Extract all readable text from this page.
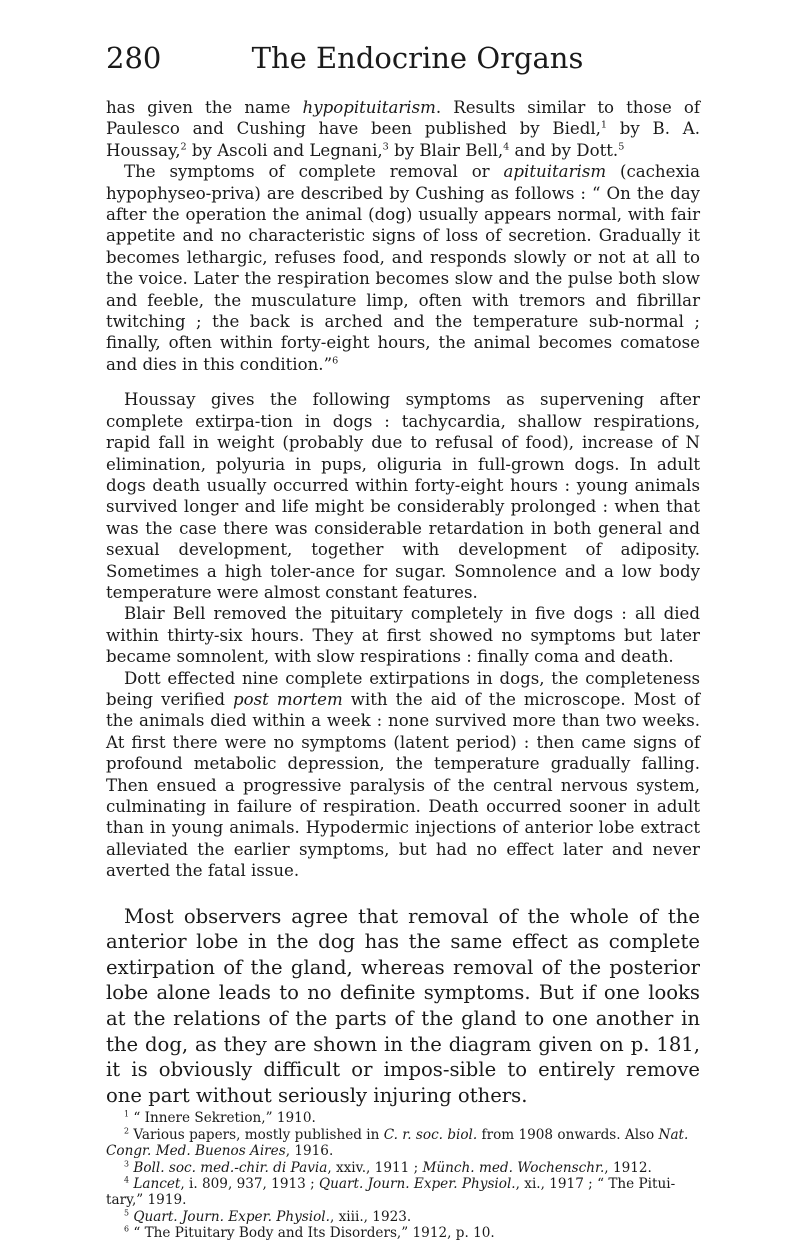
280	The Endocrine Organs

has given the name hypopituitarism. Results similar to those of Paulesco and Cushing have been published by Biedl,$^1$ by B. A. Houssay,$^2$ by Ascoli and Legnani,$^3$ by Blair Bell,$^4$ and by Dott.$^5$

The symptoms of complete removal or apituitarism (cachexia hypophyseo-priva) are described by Cushing as follows : “ On the day after the operation the animal (dog) usually appears normal, with fair appetite and no characteristic signs of loss of secretion. Gradually it becomes lethargic, refuses food, and responds slowly or not at all to the voice. Later the respiration becomes slow and the pulse both slow and feeble, the musculature limp, often with tremors and fibrillar twitching ; the back is arched and the temperature sub-normal ; finally, often within forty-eight hours, the animal becomes comatose and dies in this condition.”$^6$

Houssay gives the following symptoms as supervening after complete extirpa-tion in dogs : tachycardia, shallow respirations, rapid fall in weight (probably due to refusal of food), increase of N elimination, polyuria in pups, oliguria in full-grown dogs. In adult dogs death usually occurred within forty-eight hours : young animals survived longer and life might be considerably prolonged : when that was the case there was considerable retardation in both general and sexual development, together with development of adiposity. Sometimes a high toler-ance for sugar. Somnolence and a low body temperature were almost constant features.

Blair Bell removed the pituitary completely in five dogs : all died within thirty-six hours. They at first showed no symptoms but later became somnolent, with slow respirations : finally coma and death.

Dott effected nine complete extirpations in dogs, the completeness being verified post mortem with the aid of the microscope. Most of the animals died within a week : none survived more than two weeks. At first there were no symptoms (latent period) : then came signs of profound metabolic depression, the temperature gradually falling. Then ensued a progressive paralysis of the central nervous system, culminating in failure of respiration. Death occurred sooner in adult than in young animals. Hypodermic injections of anterior lobe extract alleviated the earlier symptoms, but had no effect later and never averted the fatal issue.

Most observers agree that removal of the whole of the anterior lobe in the dog has the same effect as complete extirpation of the gland, whereas removal of the posterior lobe alone leads to no definite symptoms. But if one looks at the relations of the parts of the gland to one another in the dog, as they are shown in the diagram given on p. 181, it is obviously difficult or impos-sible to entirely remove one part without seriously injuring others.

$^1$ “ Innere Sekretion,” 1910.

$^2$ Various papers, mostly published in C. r. soc. biol. from 1908 onwards. Also Nat. Congr. Med. Buenos Aires, 1916.

$^3$ Boll. soc. med.-chir. di Pavia, xxiv., 1911 ; Münch. med. Wochenschr., 1912.

$^4$ Lancet, i. 809, 937, 1913 ; Quart. Journ. Exper. Physiol., xi., 1917 ; “ The Pitui-tary,” 1919.

$^5$ Quart. Journ. Exper. Physiol., xiii., 1923.

$^6$ “ The Pituitary Body and Its Disorders,” 1912, p. 10.
